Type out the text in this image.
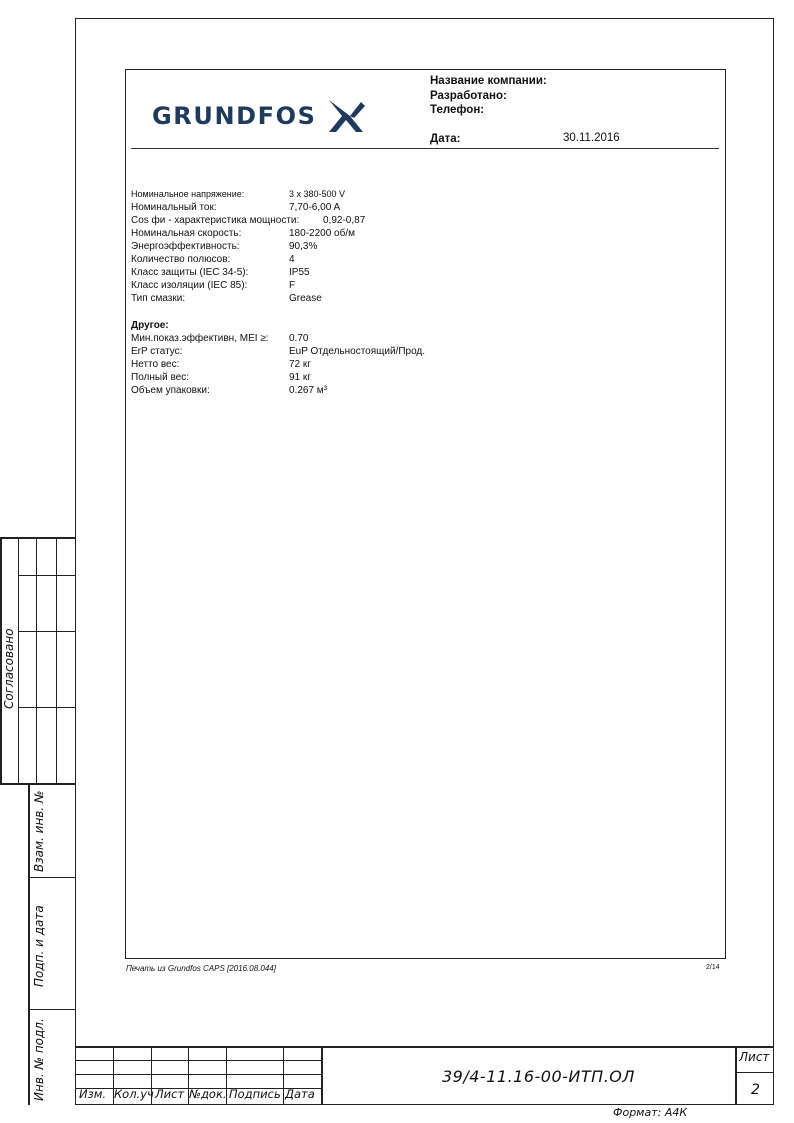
GRUNDFOS
Название компании:
Разработано:
Телефон:
Дата:	30.11.2016
Номинальное напряжение:	3 x 380-500 V
Номинальный ток:	7,70-6,00 A
Cos фи - характеристика мощности: 0,92-0,87
Номинальная скорость:	180-2200 об/м
Энергоэффективность:	90,3%
Количество полюсов:	4
Класс защиты (IEC 34-5):	IP55
Класс изоляции (IEC 85):	F
Тип смазки:	Grease
Другое:
Мин.показ.эффективн, MEI ≥: 0.70
ErP статус:	EuP Отдельностоящий/Прод.
Нетто вес:	72 кг
Полный вес:	91 кг
Объем упаковки:	0.267 м³
Печать из Grundfos CAPS [2016.08.044]	2/14
Согласовано
Взам. инв. №
Подп. и дата
Инв. № подл.	Изм. Кол.уч Лист №док. Подпись Дата
39/4-11.16-00-ИТП.ОЛ
Лист
2
Формат: А4К
